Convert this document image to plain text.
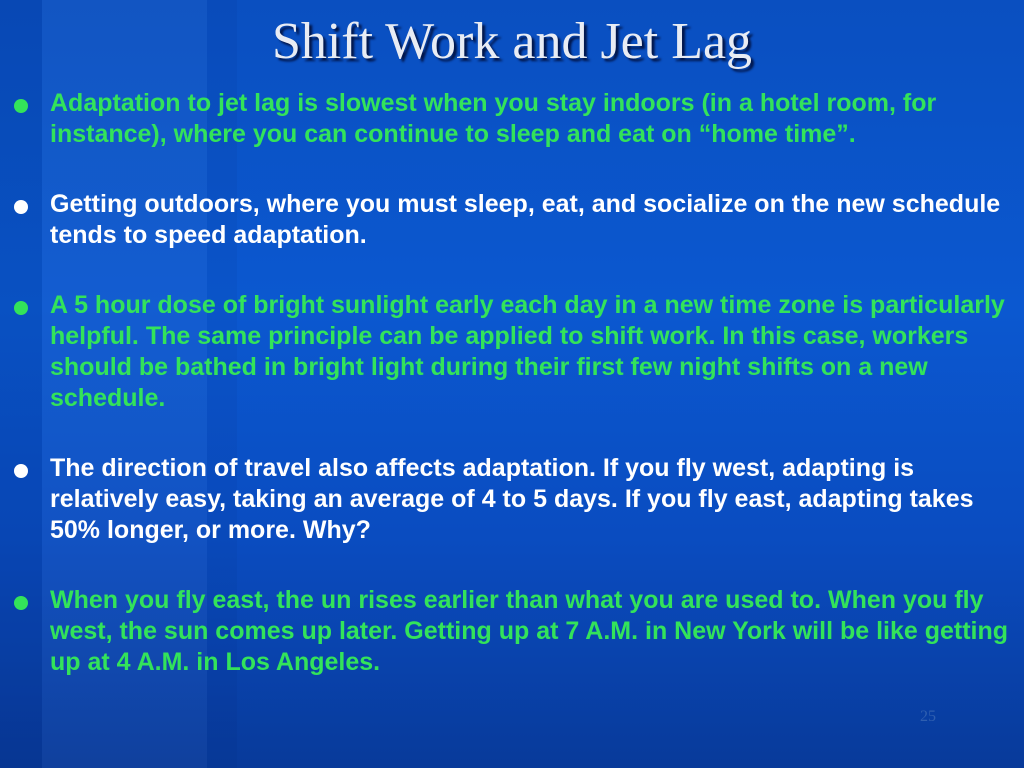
Shift Work and Jet Lag
Adaptation to jet lag is slowest when you stay indoors (in a hotel room, for instance), where you can continue to sleep and eat on “home time”.
Getting outdoors, where you must sleep, eat, and socialize on the new schedule tends to speed adaptation.
A 5 hour dose of bright sunlight early each day in a new time zone is particularly helpful. The same principle can be applied to shift work. In this case, workers should be bathed in bright light during their first few night shifts on a new schedule.
The direction of travel also affects adaptation. If you fly west, adapting is relatively easy, taking an average of 4 to 5 days. If you fly east, adapting takes 50% longer, or more. Why?
When you fly east, the un rises earlier than what you are used to. When you fly west, the sun comes up later. Getting up at 7 A.M. in New York will be like getting up at 4 A.M. in Los Angeles.
25
